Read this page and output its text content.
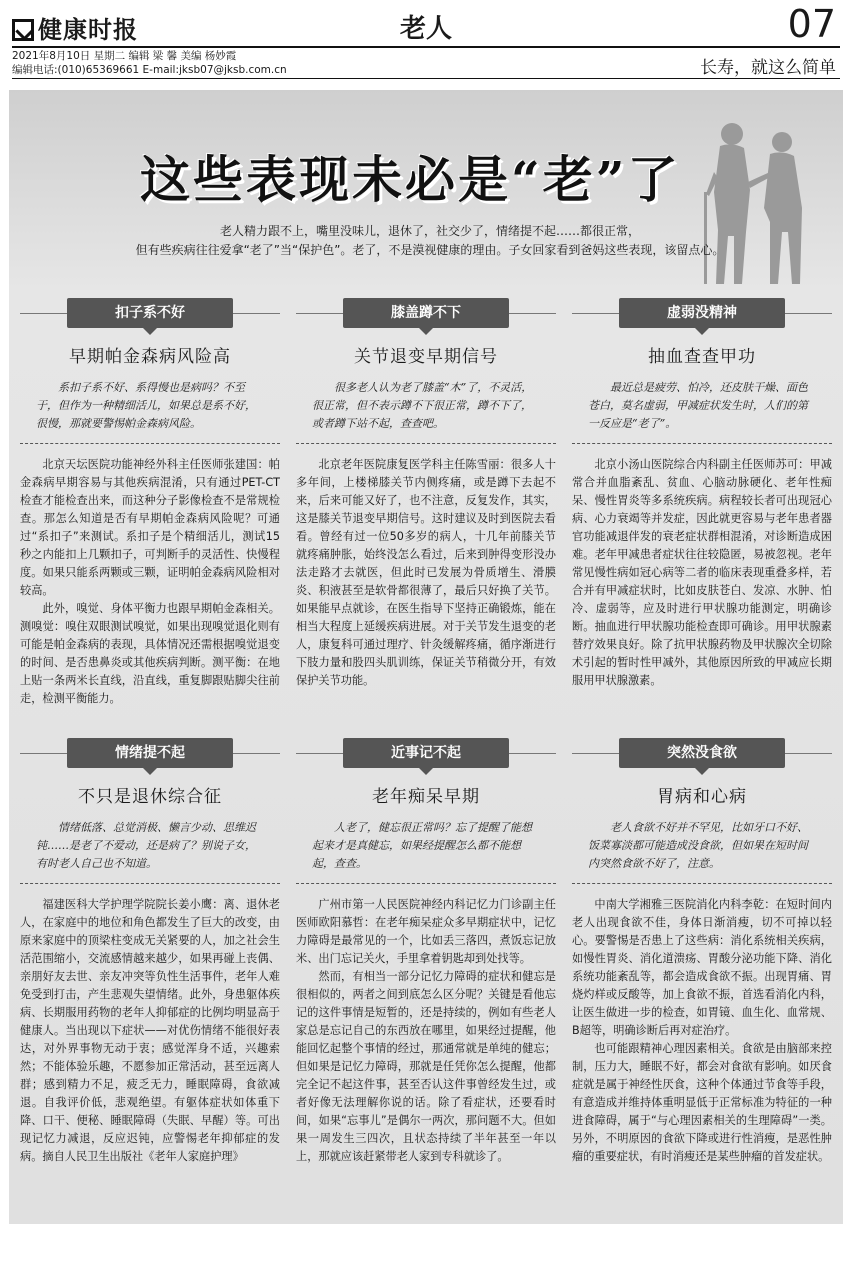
健康时报	老人	07
2021年8月10日 星期二 编辑 梁 馨 美编 杨妙霞
编辑电话:(010)65369661 E-mail:jksb07@jksb.com.cn	长寿，就这么简单
这些表现未必是“老”了

老人精力跟不上，嘴里没味儿，退休了，社交少了，情绪提不起……都很正常，

但有些疾病往往爱拿“老了”当“保护色”。老了，不是漠视健康的理由。子女回家看到爸妈这些表现，该留点心。

扣子系不好
早期帕金森病风险高
系扣子系不好、系得慢也是病吗？不至于，但作为一种精细活儿，如果总是系不好，很慢，那就要警惕帕金森病风险。

北京天坛医院功能神经外科主任医师张建国：帕金森病早期容易与其他疾病混淆，只有通过PET-CT检查才能检查出来，而这种分子影像检查不是常规检查。那怎么知道是否有早期帕金森病风险呢？可通过“系扣子”来测试。系扣子是个精细活儿，测试15秒之内能扣上几颗扣子，可判断手的灵活性、快慢程度。如果只能系两颗或三颗，证明帕金森病风险相对较高。

此外，嗅觉、身体平衡力也跟早期帕金森相关。测嗅觉：嗅住双眼测试嗅觉，如果出现嗅觉退化则有可能是帕金森病的表现，具体情况还需根据嗅觉退变的时间、是否患鼻炎或其他疾病判断。测平衡：在地上贴一条两米长直线，沿直线，重复脚跟贴脚尖往前走，检测平衡能力。

膝盖蹲不下
关节退变早期信号
很多老人认为老了膝盖“木”了，不灵活，很正常，但不表示蹲不下很正常，蹲不下了，或者蹲下站不起，查查吧。

北京老年医院康复医学科主任陈雪丽：很多人十多年间，上楼梯膝关节内侧疼痛，或是蹲下去起不来，后来可能又好了，也不注意，反复发作，其实，这是膝关节退变早期信号。这时建议及时到医院去看看。曾经有过一位50多岁的病人，十几年前膝关节就疼痛肿胀，始终没怎么看过，后来到肿得变形没办法走路才去就医，但此时已发展为骨质增生、滑膜炎、积液甚至是软骨都很薄了，最后只好换了关节。如果能早点就诊，在医生指导下坚持正确锻炼，能在相当大程度上延缓疾病进展。对于关节发生退变的老人，康复科可通过理疗、针灸缓解疼痛，循序渐进行下肢力量和股四头肌训练，保证关节稍微分开，有效保护关节功能。

虚弱没精神
抽血查查甲功
最近总是疲劳、怕冷，还皮肤干燥、面色苍白，莫名虚弱，甲减症状发生时，人们的第一反应是“老了”。

北京小汤山医院综合内科副主任医师苏可：甲减常合并血脂紊乱、贫血、心脑动脉硬化、老年性痴呆、慢性胃炎等多系统疾病。病程较长者可出现冠心病、心力衰竭等并发症，因此就更容易与老年患者器官功能减退伴发的衰老症状群相混淆，对诊断造成困难。老年甲减患者症状往往较隐匿，易被忽视。老年常见慢性病如冠心病等二者的临床表现重叠多样，若合并有甲减症状时，比如皮肤苍白、发凉、水肿、怕冷、虚弱等，应及时进行甲状腺功能测定，明确诊断。抽血进行甲状腺功能检查即可确诊。用甲状腺素替疗效果良好。除了抗甲状腺药物及甲状腺次全切除术引起的暂时性甲减外，其他原因所致的甲减应长期服用甲状腺激素。

情绪提不起
不只是退休综合征
情绪低落、总觉消极、懒言少动、思维迟钝……是老了不爱动，还是病了？别说子女，有时老人自己也不知道。

福建医科大学护理学院院长姜小鹰：离、退休老人，在家庭中的地位和角色都发生了巨大的改变，由原来家庭中的顶梁柱变成无关紧要的人，加之社会生活范围缩小，交流感情越来越少，如果再碰上丧偶、亲朋好友去世、亲友冲突等负性生活事件，老年人难免受到打击，产生悲观失望情绪。此外，身患躯体疾病、长期服用药物的老年人抑郁症的比例均明显高于健康人。当出现以下症状——对优伤情绪不能很好表达，对外界事物无动于衷；感觉浑身不适，兴趣索然；不能体验乐趣，不愿参加正常活动，甚至远离人群；感到精力不足，疲乏无力，睡眠障碍，食欲减退。自我评价低，悲观绝望。有躯体症状如体重下降、口干、便秘、睡眠障碍（失眠、早醒）等。可出现记忆力减退，反应迟钝，应警惕老年抑郁症的发病。摘自人民卫生出版社《老年人家庭护理》

近事记不起
老年痴呆早期
人老了，健忘很正常吗？忘了提醒了能想起来才是真健忘，如果经提醒怎么都不能想起，查查。

广州市第一人民医院神经内科记忆力门诊副主任医师欧阳慕哲：在老年痴呆症众多早期症状中，记忆力障碍是最常见的一个，比如丢三落四，煮饭忘记放米、出门忘记关火，手里拿着钥匙却到处找等。

然而，有相当一部分记忆力障碍的症状和健忘是很相似的，两者之间到底怎么区分呢？关键是看他忘记的这件事情是短暂的，还是持续的，例如有些老人家总是忘记自己的东西放在哪里，如果经过提醒，他能回忆起整个事情的经过，那通常就是单纯的健忘；但如果是记忆力障碍，那就是任凭你怎么提醒，他都完全记不起这件事，甚至否认这件事曾经发生过，或者好像无法理解你说的话。除了看症状，还要看时间，如果“忘事儿”是偶尔一两次，那问题不大。但如果一周发生三四次，且状态持续了半年甚至一年以上，那就应该赶紧带老人家到专科就诊了。

突然没食欲
胃病和心病
老人食欲不好并不罕见，比如牙口不好、饭菜寡淡都可能造成没食欲，但如果在短时间内突然食欲不好了，注意。

中南大学湘雅三医院消化内科李乾：在短时间内老人出现食欲不佳，身体日渐消瘦，切不可掉以轻心。要警惕是否患上了这些病：消化系统相关疾病，如慢性胃炎、消化道溃疡、胃酸分泌功能下降、消化系统功能紊乱等，都会造成食欲不振。出现胃痛、胃烧灼样或反酸等，加上食欲不振，首选看消化内科，让医生做进一步的检查，如胃镜、血生化、血常规、B超等，明确诊断后再对症治疗。

也可能跟精神心理因素相关。食欲是由脑部来控制，压力大，睡眠不好，都会对食欲有影响。如厌食症就是属于神经性厌食，这种个体通过节食等手段，有意造成并维持体重明显低于正常标准为特征的一种进食障碍，属于“与心理因素相关的生理障碍”一类。另外，不明原因的食欲下降或进行性消瘦，是恶性肿瘤的重要症状，有时消瘦还是某些肿瘤的首发症状。
